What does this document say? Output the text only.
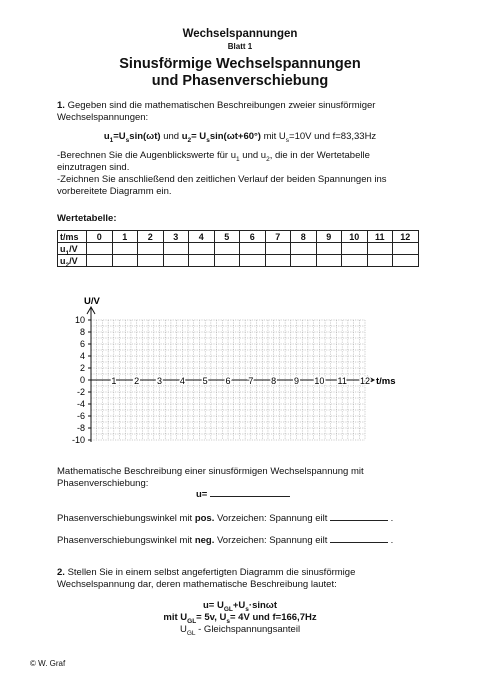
Wechselspannungen
Blatt 1
Sinusförmige Wechselspannungen
und Phasenverschiebung
1. Gegeben sind die mathematischen Beschreibungen zweier sinusförmiger
Wechselspannungen:
$u_1=U_s\sin(\omega t)$ und $u_2= U_s\sin(\omega t+60^\circ)$ mit $U_s=10V$ und f=83,33Hz
-Berechnen Sie die Augenblickswerte für $u_1$ und $u_2$, die in der Wertetabelle
einzutragen sind.
-Zeichnen Sie anschließend den zeitlichen Verlauf der beiden Spannungen ins
vorbereitete Diagramm ein.
Wertetabelle:
t/ms	0	1	2	3	4	5	6	7	8	9	10	11	12
$u_1/V$													
$u_2/V$													
10
8
6
4
2
0
-2
-4
-6
-8
-10
1 2 3 4 5 6 7 8 9 10 11 12
U/V
t/ms
Mathematische Beschreibung einer sinusförmigen Wechselspannung mit
Phasenverschiebung:
u=
Phasenverschiebungswinkel mit pos. Vorzeichen: Spannung eilt	.
Phasenverschiebungswinkel mit neg. Vorzeichen: Spannung eilt	.
2. Stellen Sie in einem selbst angefertigten Diagramm die sinusförmige
Wechselspannung dar, deren mathematische Beschreibung lautet:
$u= U_{GL}+U_s\cdot\sin\omega t$
mit $U_{GL}= 5v$, $U_s= 4V$ und f=166,7Hz
$U_{GL}$ - Gleichspannungsanteil
© W. Graf
